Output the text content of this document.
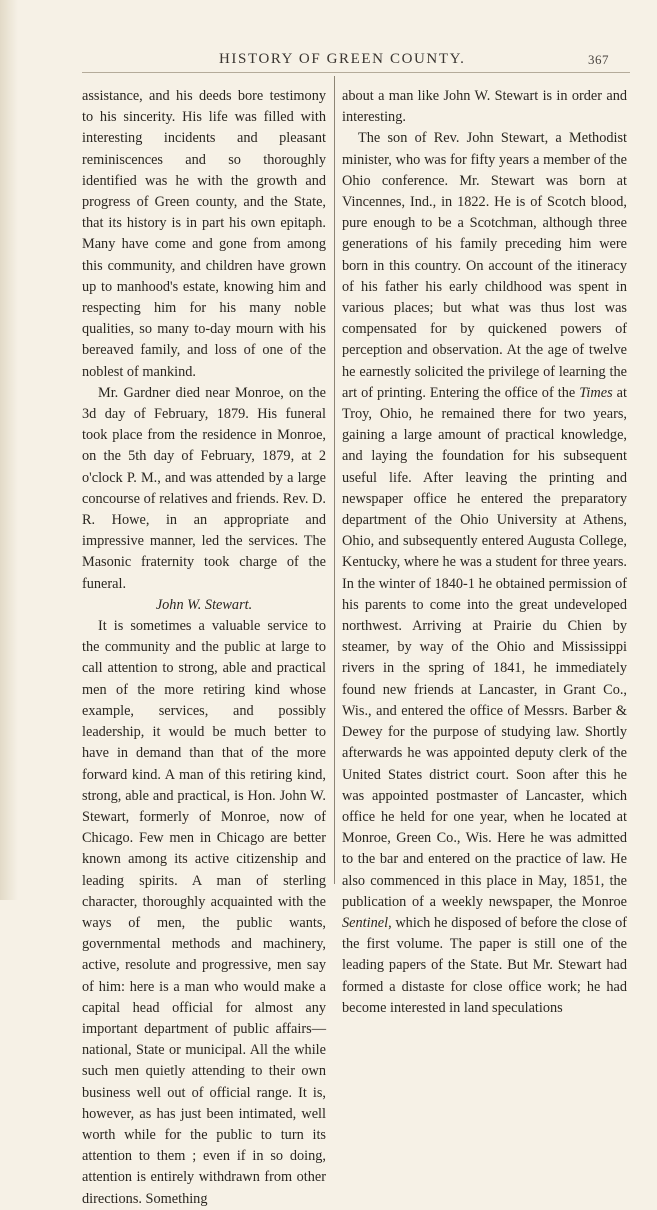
HISTORY OF GREEN COUNTY.	367

assistance, and his deeds bore testimony to his sincerity. His life was filled with interesting incidents and pleasant reminiscences and so thoroughly identified was he with the growth and progress of Green county, and the State, that its history is in part his own epitaph. Many have come and gone from among this community, and children have grown up to manhood's estate, knowing him and respecting him for his many noble qualities, so many to-day mourn with his bereaved family, and loss of one of the noblest of mankind.

Mr. Gardner died near Monroe, on the 3d day of February, 1879. His funeral took place from the residence in Monroe, on the 5th day of February, 1879, at 2 o'clock P. M., and was attended by a large concourse of relatives and friends. Rev. D. R. Howe, in an appropriate and impressive manner, led the services. The Masonic fraternity took charge of the funeral.

John W. Stewart.

It is sometimes a valuable service to the community and the public at large to call attention to strong, able and practical men of the more retiring kind whose example, services, and possibly leadership, it would be much better to have in demand than that of the more forward kind. A man of this retiring kind, strong, able and practical, is Hon. John W. Stewart, formerly of Monroe, now of Chicago. Few men in Chicago are better known among its active citizenship and leading spirits. A man of sterling character, thoroughly acquainted with the ways of men, the public wants, governmental methods and machinery, active, resolute and progressive, men say of him: here is a man who would make a capital head official for almost any important department of public affairs—national, State or municipal. All the while such men quietly attending to their own business well out of official range. It is, however, as has just been intimated, well worth while for the public to turn its attention to them ; even if in so doing, attention is entirely withdrawn from other directions. Something

about a man like John W. Stewart is in order and interesting.

The son of Rev. John Stewart, a Methodist minister, who was for fifty years a member of the Ohio conference. Mr. Stewart was born at Vincennes, Ind., in 1822. He is of Scotch blood, pure enough to be a Scotchman, although three generations of his family preceding him were born in this country. On account of the itineracy of his father his early childhood was spent in various places; but what was thus lost was compensated for by quickened powers of perception and observation. At the age of twelve he earnestly solicited the privilege of learning the art of printing. Entering the office of the Times at Troy, Ohio, he remained there for two years, gaining a large amount of practical knowledge, and laying the foundation for his subsequent useful life. After leaving the printing and newspaper office he entered the preparatory department of the Ohio University at Athens, Ohio, and subsequently entered Augusta College, Kentucky, where he was a student for three years. In the winter of 1840-1 he obtained permission of his parents to come into the great undeveloped northwest. Arriving at Prairie du Chien by steamer, by way of the Ohio and Mississippi rivers in the spring of 1841, he immediately found new friends at Lancaster, in Grant Co., Wis., and entered the office of Messrs. Barber & Dewey for the purpose of studying law. Shortly afterwards he was appointed deputy clerk of the United States district court. Soon after this he was appointed postmaster of Lancaster, which office he held for one year, when he located at Monroe, Green Co., Wis. Here he was admitted to the bar and entered on the practice of law. He also commenced in this place in May, 1851, the publication of a weekly newspaper, the Monroe Sentinel, which he disposed of before the close of the first volume. The paper is still one of the leading papers of the State. But Mr. Stewart had formed a distaste for close office work; he had become interested in land speculations
